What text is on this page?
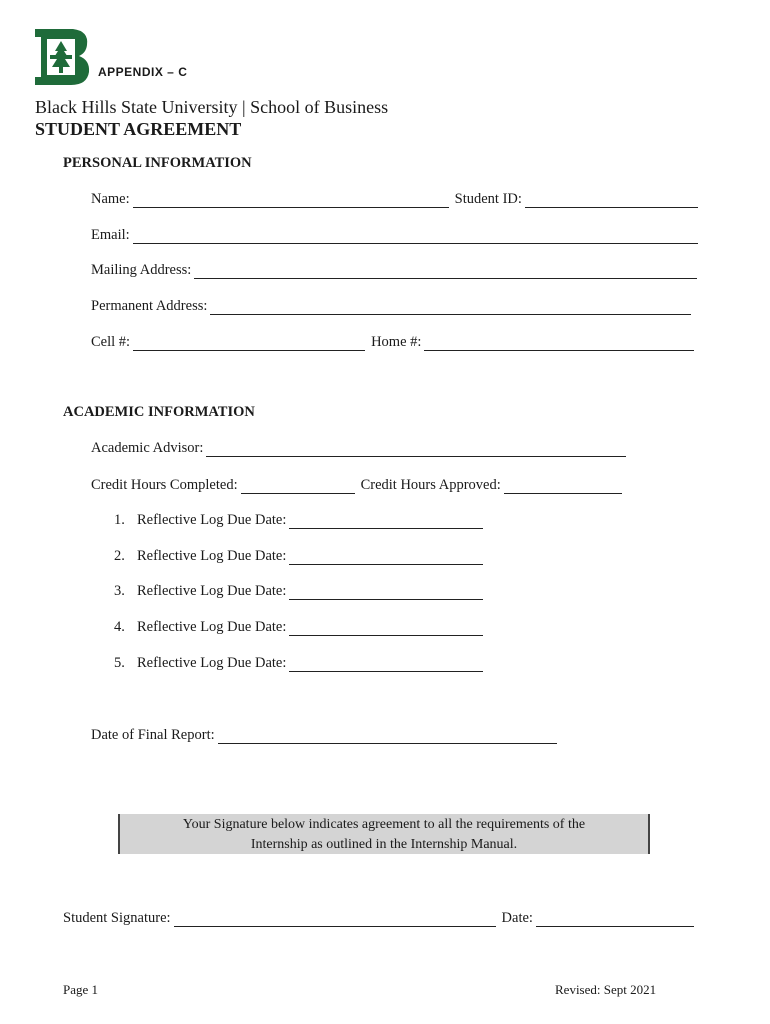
APPENDIX – C
Black Hills State University | School of Business
STUDENT AGREEMENT
PERSONAL INFORMATION
Name:	Student ID:
Email:
Mailing Address:
Permanent Address:
Cell #:	Home #:
ACADEMIC INFORMATION
Academic Advisor:
Credit Hours Completed:	Credit Hours Approved:
1. Reflective Log Due Date:
2. Reflective Log Due Date:
3. Reflective Log Due Date:
4. Reflective Log Due Date:
5. Reflective Log Due Date:
Date of Final Report:
Your Signature below indicates agreement to all the requirements of the
Internship as outlined in the Internship Manual.
Student Signature:	Date:
Page 1	Revised: Sept 2021
